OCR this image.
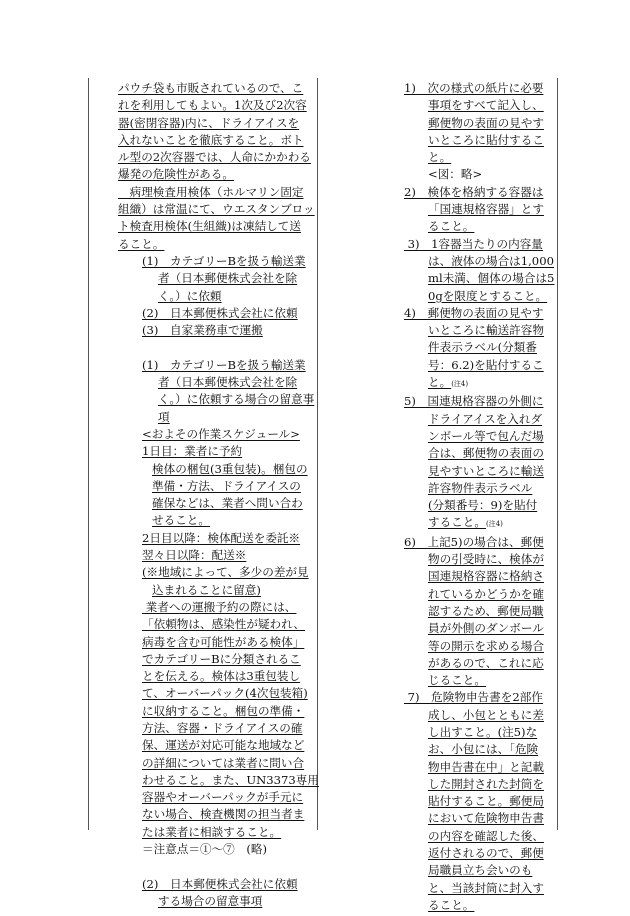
パウチ袋も市販されているので、こ
れを利用してもよい。1次及び2次容
器(密閉容器)内に、ドライアイスを
入れないことを徹底すること。ボト
ル型の2次容器では、人命にかかわる
爆発の危険性がある。
　病理検査用検体（ホルマリン固定
組織）は常温にて、ウエスタンブロッ
ト検査用検体(生組織)は凍結して送
ること。
(1)　カテゴリーBを扱う輸送業
者（日本郵便株式会社を除
く。）に依頼
(2)　日本郵便株式会社に依頼
(3)　自家業務車で運搬

(1)　カテゴリーBを扱う輸送業
者（日本郵便株式会社を除
く。）に依頼する場合の留意事
項
<およその作業スケジュール>
1日目：業者に予約
検体の梱包(3重包装)。梱包の
準備・方法、ドライアイスの
確保などは、業者へ問い合わ
せること。
2日目以降：検体配送を委託※
翌々日以降：配送※
(※地域によって、多少の差が見
込まれることに留意)
業者への運搬予約の際には、
「依頼物は、感染性が疑われ、
病毒を含む可能性がある検体」
でカテゴリーBに分類されるこ
とを伝える。検体は3重包装し
て、オーバーパック(4次包装箱)
に収納すること。梱包の準備・
方法、容器・ドライアイスの確
保、運送が対応可能な地域など
の詳細については業者に問い合
わせること。また、UN3373専用
容器やオーバーパックが手元に
ない場合、検査機関の担当者ま
たは業者に相談すること。
＝注意点＝①～⑦　(略)

(2)　日本郵便株式会社に依頼
する場合の留意事項
1)　次の様式の紙片に必要
事項をすべて記入し、
郵便物の表面の見やす
いところに貼付するこ
と。
<図：略>
2)　検体を格納する容器は
「国連規格容器」とす
ること。
3)　1容器当たりの内容量
は、液体の場合は1,000
ml未満、個体の場合は5
0gを限度とすること。
4)　郵便物の表面の見やす
いところに輸送許容物
件表示ラベル(分類番
号：6.2)を貼付するこ
と。(注4)
5)　国連規格容器の外側に
ドライアイスを入れダ
ンボール等で包んだ場
合は、郵便物の表面の
見やすいところに輸送
許容物件表示ラベル
(分類番号：9)を貼付
すること。(注4)
6)　上記5)の場合は、郵便
物の引受時に、検体が
国連規格容器に格納さ
れているかどうかを確
認するため、郵便局職
員が外側のダンボール
等の開示を求める場合
があるので、これに応
じること。
7)　危険物申告書を2部作
成し、小包とともに差
し出すこと。(注5)な
お、小包には、「危険
物申告書在中」と記載
した開封された封筒を
貼付すること。郵便局
において危険物申告書
の内容を確認した後、
返付されるので、郵便
局職員立ち会いのも
と、当該封筒に封入す
ること。
